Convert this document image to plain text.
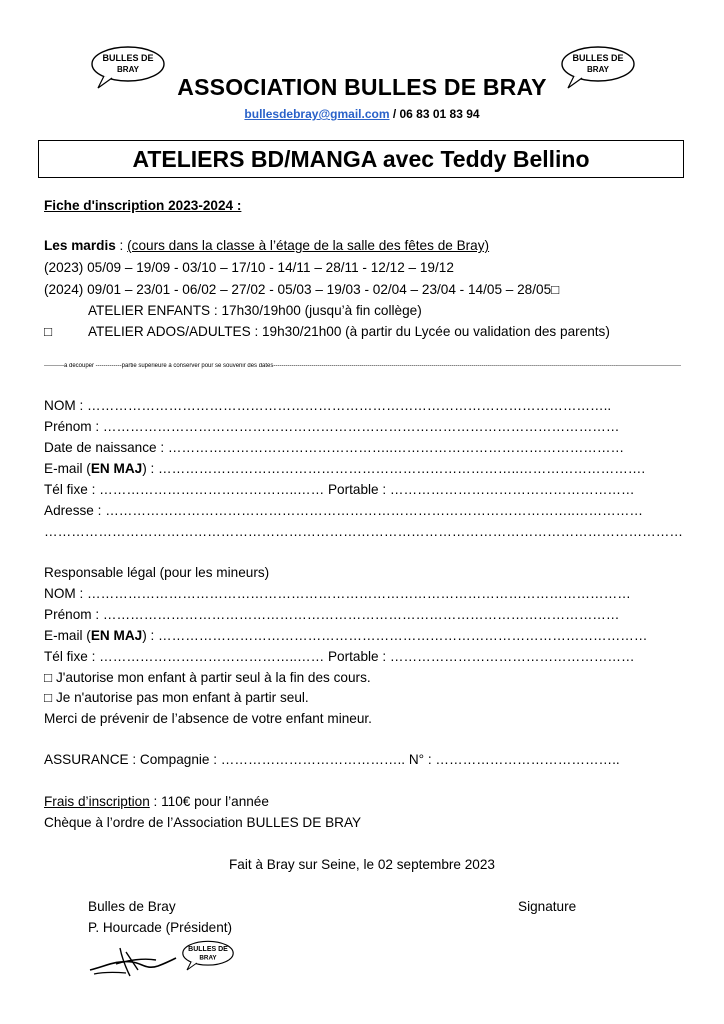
BULLES DE
BRAY
BULLES DE
BRAY
ASSOCIATION BULLES DE BRAY
bullesdebray@gmail.com / 06 83 01 83 94
ATELIERS BD/MANGA avec Teddy Bellino
Fiche d'inscription 2023-2024 :
Les mardis : (cours dans la classe à l’étage de la salle des fêtes de Bray)
(2023) 05/09 – 19/09 - 03/10 – 17/10 - 14/11 – 28/11 - 12/12 – 19/12
(2024) 09/01 – 23/01 - 06/02 – 27/02 - 05/03 – 19/03 - 02/04 – 23/04 - 14/05 – 28/05□
ATELIER ENFANTS : 17h30/19h00 (jusqu’à fin collège)
□	ATELIER ADOS/ADULTES : 19h30/21h00 (à partir du Lycée ou validation des parents)
----------à découper -------------partie supérieure à conserver pour se souvenir des dates------------------------------------------------------------------------------------------------------------------------------------------------------------------------------------------------------------
NOM : ……………………………………………………………………………………………………..
Prénom : ……………………………………………………………………………………………………
Date de naissance : …………………………………………..……………………………………………
E-mail (EN MAJ) : ……………………………………………………………………..……………………….
Tél fixe : ……………………………………..…… Portable : ………………………………………………
Adresse : …………………………………………………………………………………………..……………
……………………………………………………………………………………………………………………………
Responsable légal (pour les mineurs)
NOM : …………………………………………………………………………………………………………
Prénom : ……………………………………………………………………………………………………
E-mail (EN MAJ) : ………………………………………………………………………………………………
Tél fixe : ……………………………………..…… Portable : ………………………………………………
□ J'autorise mon enfant à partir seul à la fin des cours.
□ Je n'autorise pas mon enfant à partir seul.
Merci de prévenir de l’absence de votre enfant mineur.
ASSURANCE : Compagnie : ………………………………….. N° : …………………………………..
Frais d’inscription : 110€ pour l’année
Chèque à l’ordre de l’Association BULLES DE BRAY
Fait à Bray sur Seine, le 02 septembre 2023
Bulles de Bray	Signature
P. Hourcade (Président)
BULLES DE
BRAY
